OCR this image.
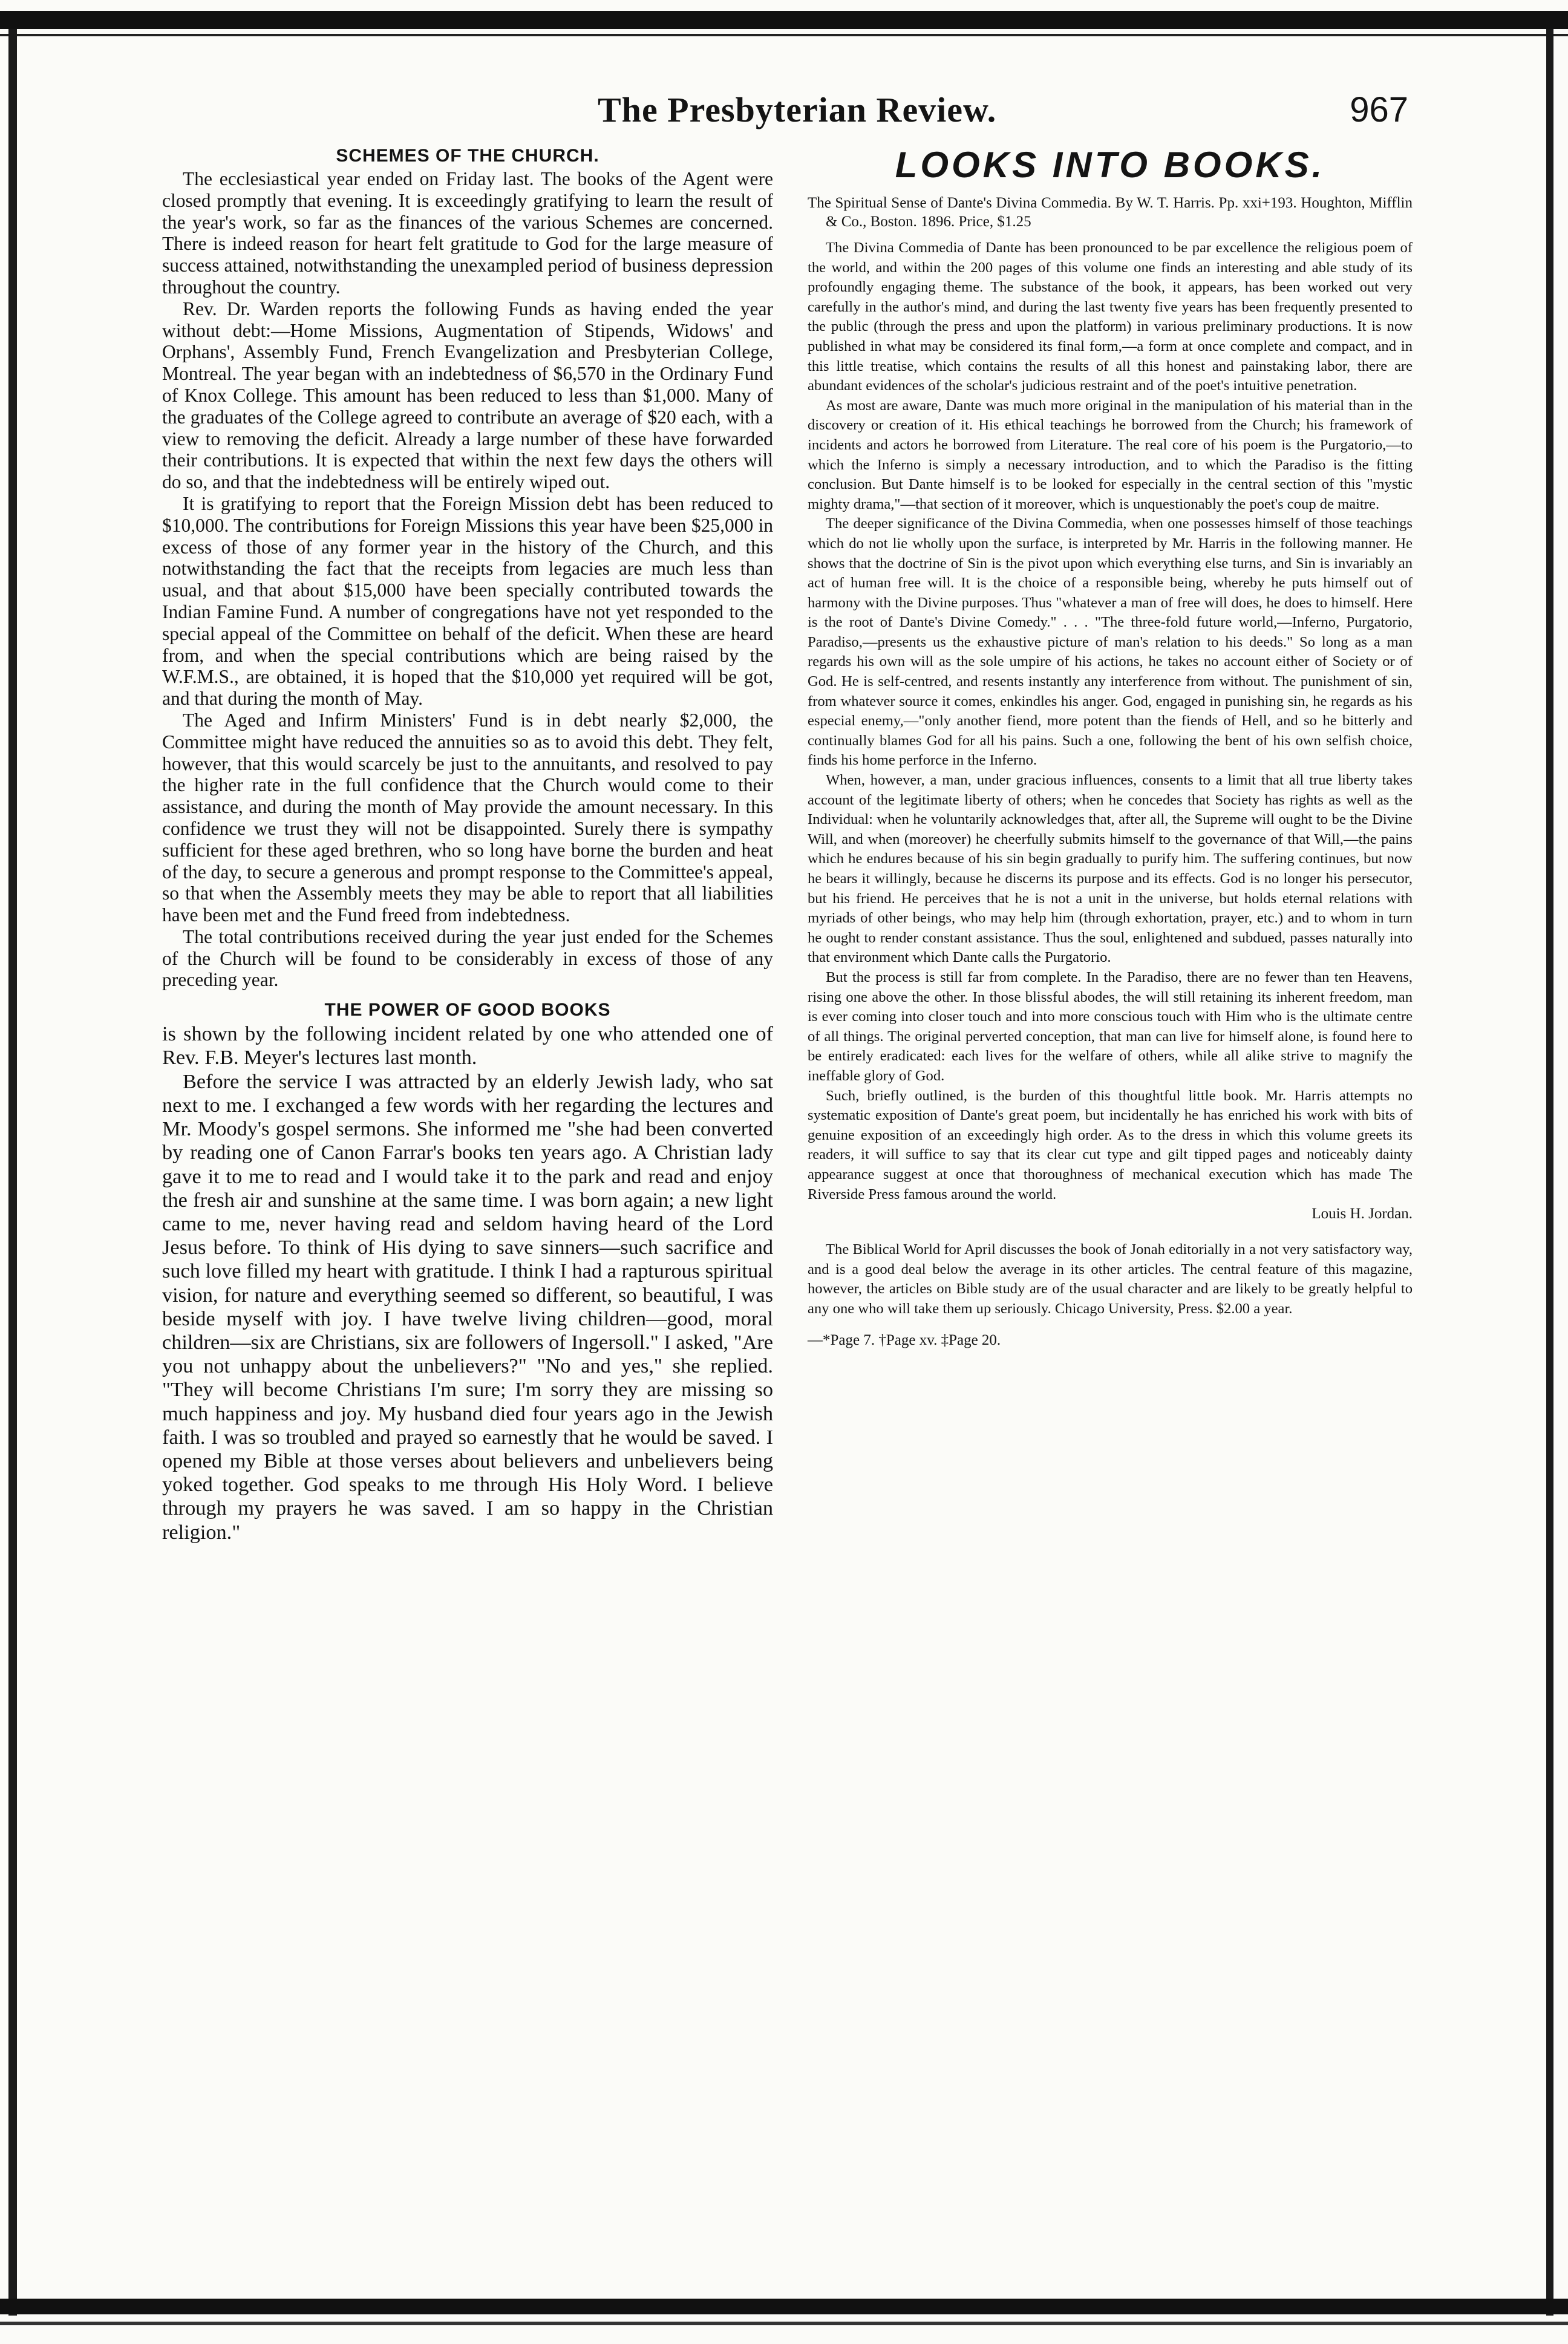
The Presbyterian Review.	967
SCHEMES OF THE CHURCH.

The ecclesiastical year ended on Friday last. The books of the Agent were closed promptly that evening. It is exceedingly gratifying to learn the result of the year's work, so far as the finances of the various Schemes are concerned. There is indeed reason for heart felt gratitude to God for the large measure of success attained, notwithstanding the unexampled period of business depression throughout the country.

Rev. Dr. Warden reports the following Funds as having ended the year without debt:—Home Missions, Augmentation of Stipends, Widows' and Orphans', Assembly Fund, French Evangelization and Presbyterian College, Montreal. The year began with an indebtedness of $6,570 in the Ordinary Fund of Knox College. This amount has been reduced to less than $1,000. Many of the graduates of the College agreed to contribute an average of $20 each, with a view to removing the deficit. Already a large number of these have forwarded their contributions. It is expected that within the next few days the others will do so, and that the indebtedness will be entirely wiped out.

It is gratifying to report that the Foreign Mission debt has been reduced to $10,000. The contributions for Foreign Missions this year have been $25,000 in excess of those of any former year in the history of the Church, and this notwithstanding the fact that the receipts from legacies are much less than usual, and that about $15,000 have been specially contributed towards the Indian Famine Fund. A number of congregations have not yet responded to the special appeal of the Committee on behalf of the deficit. When these are heard from, and when the special contributions which are being raised by the W.F.M.S., are obtained, it is hoped that the $10,000 yet required will be got, and that during the month of May.

The Aged and Infirm Ministers' Fund is in debt nearly $2,000, the Committee might have reduced the annuities so as to avoid this debt. They felt, however, that this would scarcely be just to the annuitants, and resolved to pay the higher rate in the full confidence that the Church would come to their assistance, and during the month of May provide the amount necessary. In this confidence we trust they will not be disappointed. Surely there is sympathy sufficient for these aged brethren, who so long have borne the burden and heat of the day, to secure a generous and prompt response to the Committee's appeal, so that when the Assembly meets they may be able to report that all liabilities have been met and the Fund freed from indebtedness.

The total contributions received during the year just ended for the Schemes of the Church will be found to be considerably in excess of those of any preceding year.

THE POWER OF GOOD BOOKS

is shown by the following incident related by one who attended one of Rev. F.B. Meyer's lectures last month.

Before the service I was attracted by an elderly Jewish lady, who sat next to me. I exchanged a few words with her regarding the lectures and Mr. Moody's gospel sermons. She informed me "she had been converted by reading one of Canon Farrar's books ten years ago. A Christian lady gave it to me to read and I would take it to the park and read and enjoy the fresh air and sunshine at the same time. I was born again; a new light came to me, never having read and seldom having heard of the Lord Jesus before. To think of His dying to save sinners—such sacrifice and such love filled my heart with gratitude. I think I had a rapturous spiritual vision, for nature and everything seemed so different, so beautiful, I was beside myself with joy. I have twelve living children—good, moral children—six are Christians, six are followers of Ingersoll." I asked, "Are you not unhappy about the unbelievers?" "No and yes," she replied. "They will become Christians I'm sure; I'm sorry they are missing so much happiness and joy. My husband died four years ago in the Jewish faith. I was so troubled and prayed so earnestly that he would be saved. I opened my Bible at those verses about believers and unbelievers being yoked together. God speaks to me through His Holy Word. I believe through my prayers he was saved. I am so happy in the Christian religion."

LOOKS INTO BOOKS.

The Spiritual Sense of Dante's Divina Commedia. By W. T. Harris. Pp. xxi+193. Houghton, Mifflin & Co., Boston. 1896. Price, $1.25

The Divina Commedia of Dante has been pronounced to be par excellence the religious poem of the world, and within the 200 pages of this volume one finds an interesting and able study of its profoundly engaging theme. The substance of the book, it appears, has been worked out very carefully in the author's mind, and during the last twenty five years has been frequently presented to the public (through the press and upon the platform) in various preliminary productions. It is now published in what may be considered its final form,—a form at once complete and compact, and in this little treatise, which contains the results of all this honest and painstaking labor, there are abundant evidences of the scholar's judicious restraint and of the poet's intuitive penetration.

As most are aware, Dante was much more original in the manipulation of his material than in the discovery or creation of it. His ethical teachings he borrowed from the Church; his framework of incidents and actors he borrowed from Literature. The real core of his poem is the Purgatorio,—to which the Inferno is simply a necessary introduction, and to which the Paradiso is the fitting conclusion. But Dante himself is to be looked for especially in the central section of this "mystic mighty drama,"—that section of it moreover, which is unquestionably the poet's coup de maitre.

The deeper significance of the Divina Commedia, when one possesses himself of those teachings which do not lie wholly upon the surface, is interpreted by Mr. Harris in the following manner. He shows that the doctrine of Sin is the pivot upon which everything else turns, and Sin is invariably an act of human free will. It is the choice of a responsible being, whereby he puts himself out of harmony with the Divine purposes. Thus "whatever a man of free will does, he does to himself. Here is the root of Dante's Divine Comedy." . . . "The three-fold future world,—Inferno, Purgatorio, Paradiso,—presents us the exhaustive picture of man's relation to his deeds." So long as a man regards his own will as the sole umpire of his actions, he takes no account either of Society or of God. He is self-centred, and resents instantly any interference from without. The punishment of sin, from whatever source it comes, enkindles his anger. God, engaged in punishing sin, he regards as his especial enemy,—"only another fiend, more potent than the fiends of Hell, and so he bitterly and continually blames God for all his pains. Such a one, following the bent of his own selfish choice, finds his home perforce in the Inferno.

When, however, a man, under gracious influences, consents to a limit that all true liberty takes account of the legitimate liberty of others; when he concedes that Society has rights as well as the Individual: when he voluntarily acknowledges that, after all, the Supreme will ought to be the Divine Will, and when (moreover) he cheerfully submits himself to the governance of that Will,—the pains which he endures because of his sin begin gradually to purify him. The suffering continues, but now he bears it willingly, because he discerns its purpose and its effects. God is no longer his persecutor, but his friend. He perceives that he is not a unit in the universe, but holds eternal relations with myriads of other beings, who may help him (through exhortation, prayer, etc.) and to whom in turn he ought to render constant assistance. Thus the soul, enlightened and subdued, passes naturally into that environment which Dante calls the Purgatorio.

But the process is still far from complete. In the Paradiso, there are no fewer than ten Heavens, rising one above the other. In those blissful abodes, the will still retaining its inherent freedom, man is ever coming into closer touch and into more conscious touch with Him who is the ultimate centre of all things. The original perverted conception, that man can live for himself alone, is found here to be entirely eradicated: each lives for the welfare of others, while all alike strive to magnify the ineffable glory of God.

Such, briefly outlined, is the burden of this thoughtful little book. Mr. Harris attempts no systematic exposition of Dante's great poem, but incidentally he has enriched his work with bits of genuine exposition of an exceedingly high order. As to the dress in which this volume greets its readers, it will suffice to say that its clear cut type and gilt tipped pages and noticeably dainty appearance suggest at once that thoroughness of mechanical execution which has made The Riverside Press famous around the world.

Louis H. Jordan.

The Biblical World for April discusses the book of Jonah editorially in a not very satisfactory way, and is a good deal below the average in its other articles. The central feature of this magazine, however, the articles on Bible study are of the usual character and are likely to be greatly helpful to any one who will take them up seriously. Chicago University, Press. $2.00 a year.

—*Page 7. †Page xv. ‡Page 20.
